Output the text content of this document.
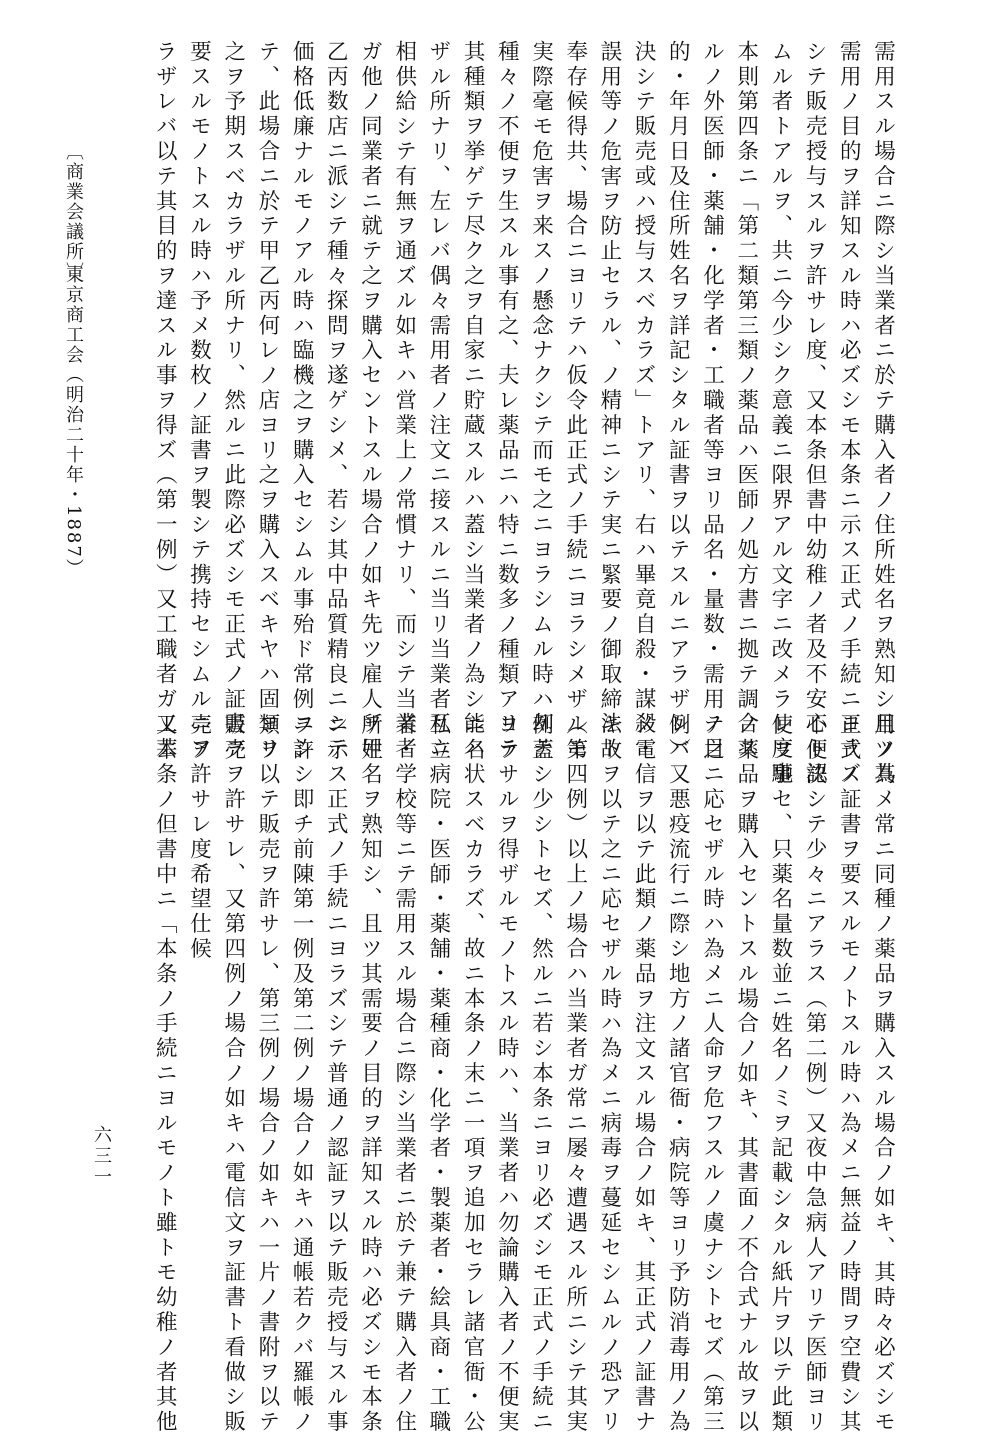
需用スル場合ニ際シ当業者ニ於テ購入者ノ住所姓名ヲ熟知シ且ツ其
需用ノ目的ヲ詳知スル時ハ必ズシモ本条ニ示ス正式ノ手続ニヨラズ
シテ販売授与スルヲ許サレ度、又本条但書中幼稚ノ者及不安心ト認
ムル者トアルヲ、共ニ今少シク意義ニ限界アル文字ニ改メラレ度事
本則第四条ニ「第二類第三類ノ薬品ハ医師ノ処方書ニ拠テ調合ス
ルノ外医師・薬舗・化学者・工職者等ヨリ品名・量数・需用ノ目
的・年月日及住所姓名ヲ詳記シタル証書ヲ以テスルニアラザレバ
決シテ販売或ハ授与スベカラズ」トアリ、右ハ畢竟自殺・謀殺・
誤用等ノ危害ヲ防止セラル、ノ精神ニシテ実ニ緊要ノ御取締法ト
奉存候得共、場合ニヨリテハ仮令此正式ノ手続ニヨラシメザルモ
実際毫モ危害ヲ来スノ懸念ナクシテ而モ之ニヨラシムル時ハ却テ
種々ノ不便ヲ生スル事有之、夫レ薬品ニハ特ニ数多ノ種類アリテ
其種類ヲ挙ゲテ尽ク之ヲ自家ニ貯蔵スルハ蓋シ当業者ノ為シ能ハ
ザル所ナリ、左レバ偶々需用者ノ注文ニ接スルニ当リ当業者互ニ
相供給シテ有無ヲ通ズル如キハ営業上ノ常慣ナリ、而シテ当業者
ガ他ノ同業者ニ就テ之ヲ購入セントスル場合ノ如キ先ツ雇人ヲ甲
乙丙数店ニ派シテ種々探問ヲ遂ゲシメ、若シ其中品質精良ニシテ
価格低廉ナルモノアル時ハ臨機之ヲ購入セシムル事殆ド常例ニシ
テ、此場合ニ於テ甲乙丙何レノ店ヨリ之ヲ購入スベキヤハ固ヨリ
之ヲ予期スベカラザル所ナリ、然ルニ此際必ズシモ正式ノ証書ヲ
要スルモノトスル時ハ予メ数枚ノ証書ヲ製シテ携持セシムルニア
ラザレバ以テ其目的ヲ達スル事ヲ得ズ（第一例）又工職者ガ工芸
用ノ為メ常ニ同種ノ薬品ヲ購入スル場合ノ如キ、其時々必ズシモ
正式ノ証書ヲ要スルモノトスル時ハ為メニ無益ノ時間ヲ空費シ其
不便決シテ少々ニアラス（第二例）又夜中急病人アリテ医師ヨリ
使ヲ馳セ、只薬名量数並ニ姓名ノミヲ記載シタル紙片ヲ以テ此類
ノ薬品ヲ購入セントスル場合ノ如キ、其書面ノ不合式ナル故ヲ以
テ之ニ応セザル時ハ為メニ人命ヲ危フスルノ虞ナシトセズ（第三
例）又悪疫流行ニ際シ地方ノ諸官衙・病院等ヨリ予防消毒用ノ為
メ電信ヲ以テ此類ノ薬品ヲ注文スル場合ノ如キ、其正式ノ証書ナ
キ故ヲ以テ之ニ応セザル時ハ為メニ病毒ヲ蔓延セシムルノ恐アリ
（第四例）以上ノ場合ハ当業者ガ常ニ屡々遭遇スル所ニシテ其実
例蓋シ少シトセズ、然ルニ若シ本条ニヨリ必ズシモ正式ノ手続ニ
ヨラサルヲ得ザルモノトスル時ハ、当業者ハ勿論購入者ノ不便実
ニ名状スベカラズ、故ニ本条ノ末ニ一項ヲ追加セラレ諸官衙・公
私立病院・医師・薬舗・薬種商・化学者・製薬者・絵具商・工職
者・学校等ニテ需用スル場合ニ際シ当業者ニ於テ兼テ購入者ノ住
所姓名ヲ熟知シ、且ツ其需要ノ目的ヲ詳知スル時ハ必ズシモ本条
ニ示ス正式ノ手続ニヨラズシテ普通ノ認証ヲ以テ販売授与スル事
ヲ許シ即チ前陳第一例及第二例ノ場合ノ如キハ通帳若クバ羅帳ノ
類ヲ以テ販売ヲ許サレ、第三例ノ場合ノ如キハ一片ノ書附ヲ以テ
販売ヲ許サレ、又第四例ノ場合ノ如キハ電信文ヲ証書ト看做シ販
売ヲ許サレ度希望仕候
又本条ノ但書中ニ「本条ノ手続ニヨルモノト雖トモ幼稚ノ者其他
〔商業会議所〕
東京商工会（明治二十年・1887）
六三一
